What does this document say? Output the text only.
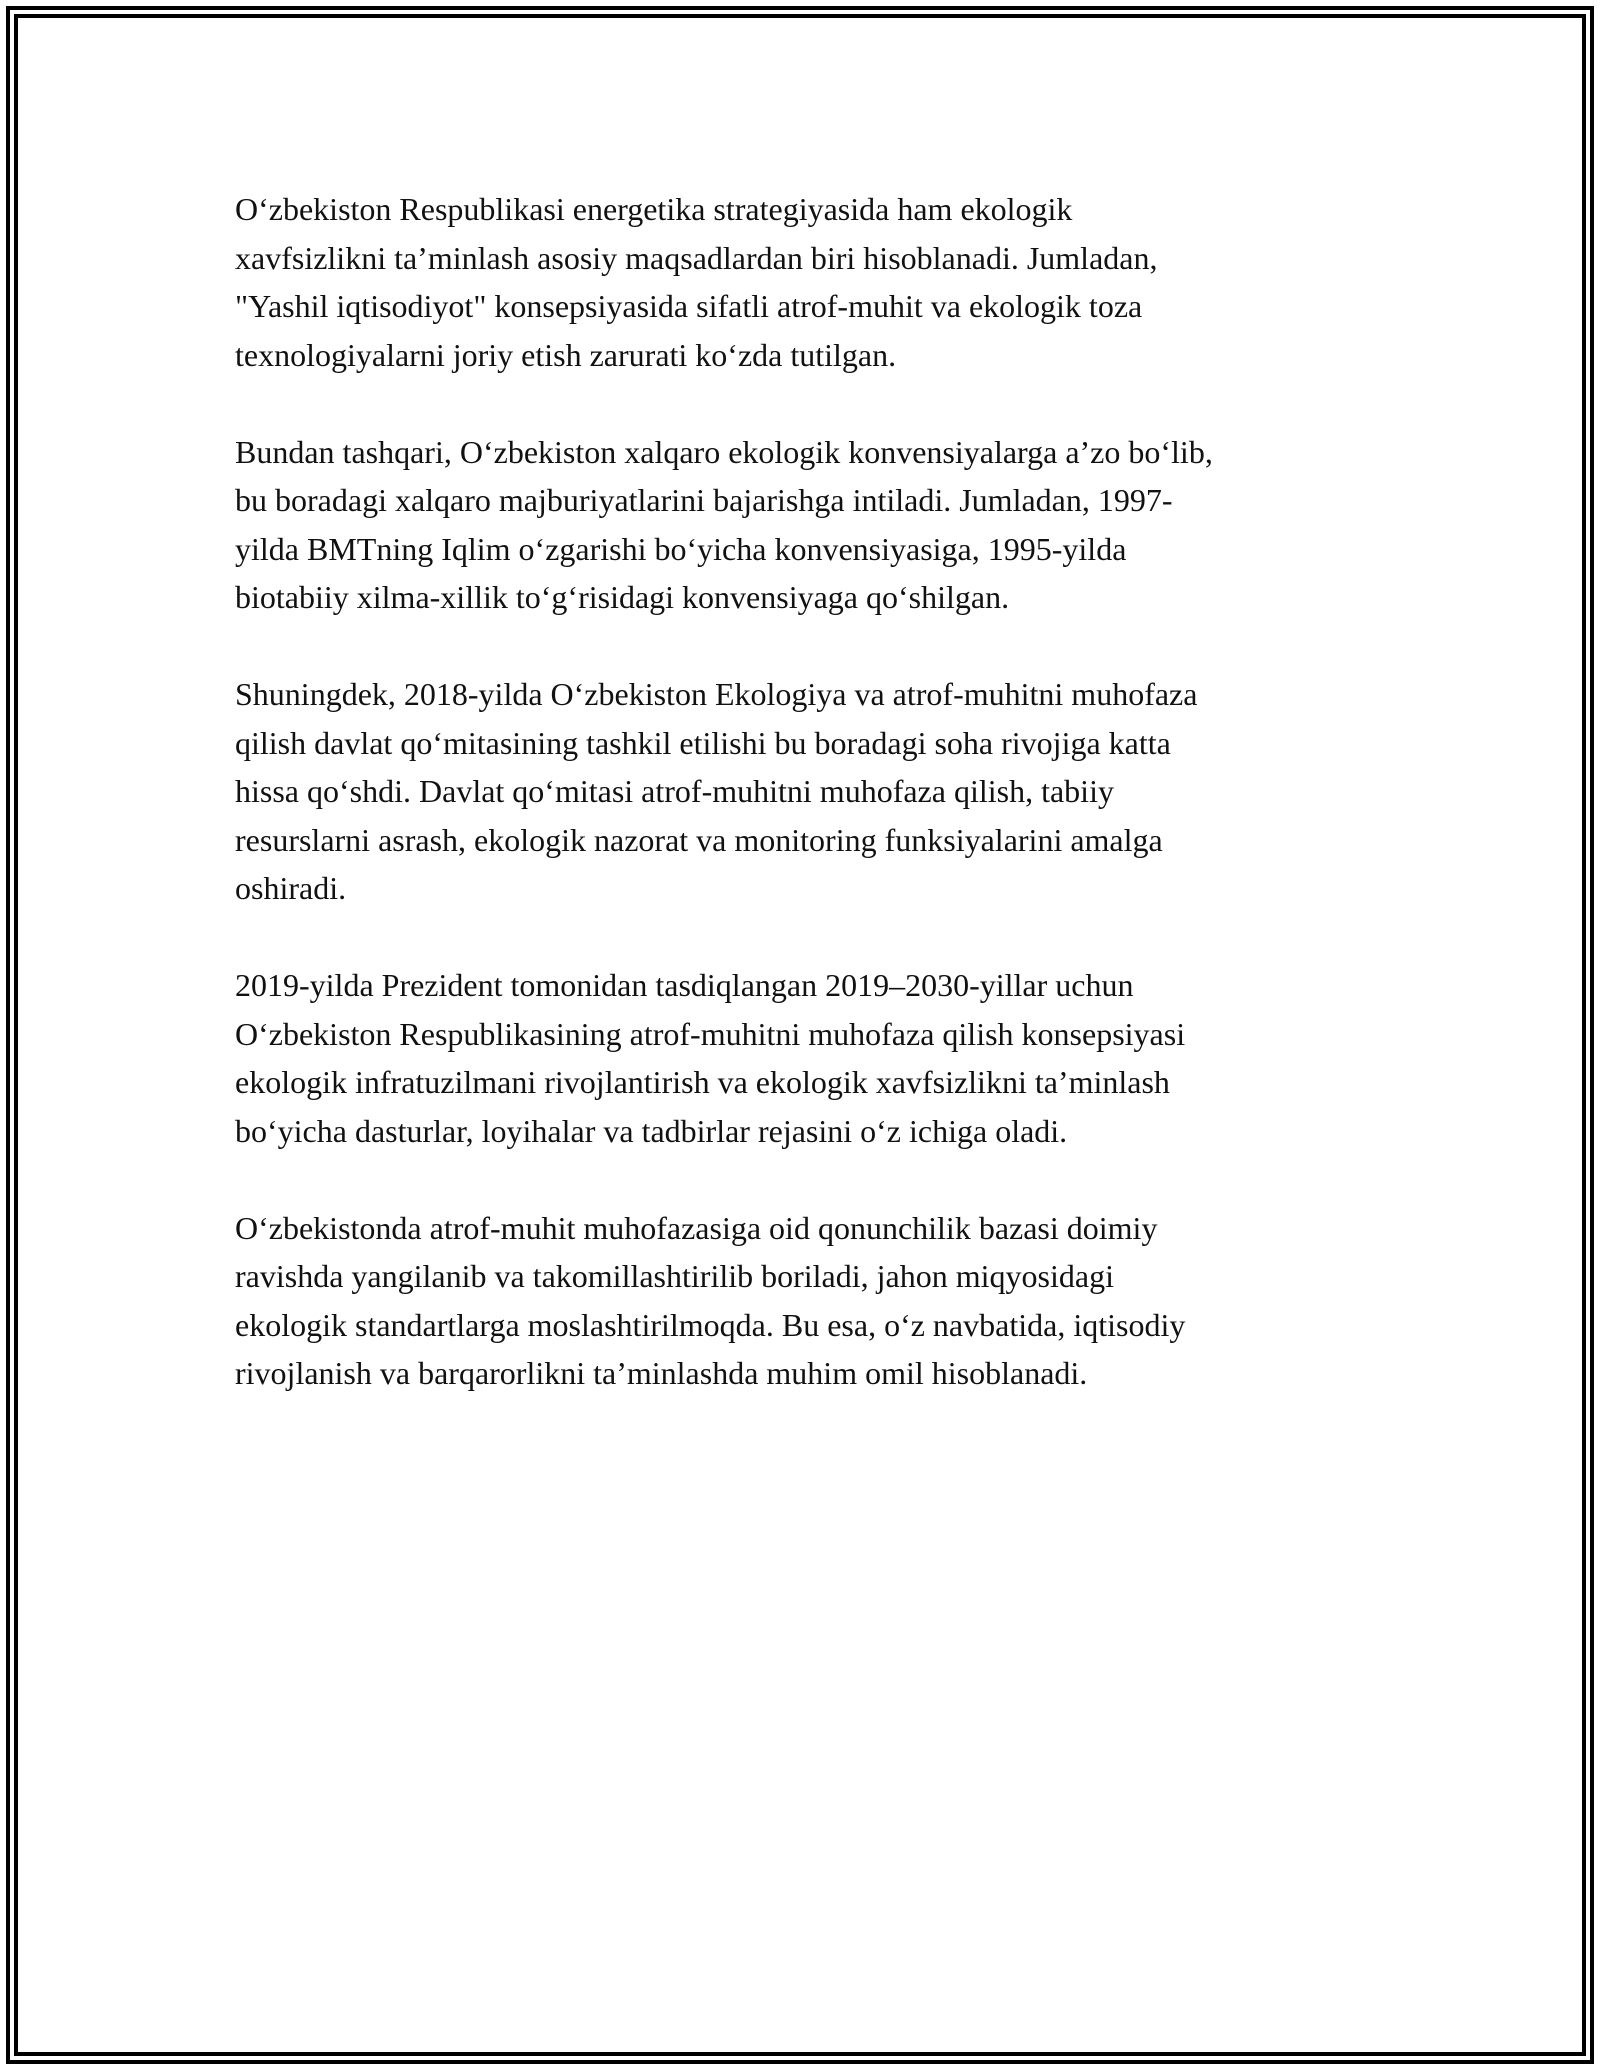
O‘zbekiston Respublikasi energetika strategiyasida ham ekologik
xavfsizlikni ta’minlash asosiy maqsadlardan biri hisoblanadi. Jumladan,
"Yashil iqtisodiyot" konsepsiyasida sifatli atrof-muhit va ekologik toza
texnologiyalarni joriy etish zarurati ko‘zda tutilgan.

Bundan tashqari, O‘zbekiston xalqaro ekologik konvensiyalarga a’zo bo‘lib,
bu boradagi xalqaro majburiyatlarini bajarishga intiladi. Jumladan, 1997-
yilda BMTning Iqlim o‘zgarishi bo‘yicha konvensiyasiga, 1995-yilda
biotabiiy xilma-xillik to‘g‘risidagi konvensiyaga qo‘shilgan.

Shuningdek, 2018-yilda O‘zbekiston Ekologiya va atrof-muhitni muhofaza
qilish davlat qo‘mitasining tashkil etilishi bu boradagi soha rivojiga katta
hissa qo‘shdi. Davlat qo‘mitasi atrof-muhitni muhofaza qilish, tabiiy
resurslarni asrash, ekologik nazorat va monitoring funksiyalarini amalga
oshiradi.

2019-yilda Prezident tomonidan tasdiqlangan 2019–2030-yillar uchun
O‘zbekiston Respublikasining atrof-muhitni muhofaza qilish konsepsiyasi
ekologik infratuzilmani rivojlantirish va ekologik xavfsizlikni ta’minlash
bo‘yicha dasturlar, loyihalar va tadbirlar rejasini o‘z ichiga oladi.

O‘zbekistonda atrof-muhit muhofazasiga oid qonunchilik bazasi doimiy
ravishda yangilanib va takomillashtirilib boriladi, jahon miqyosidagi
ekologik standartlarga moslashtirilmoqda. Bu esa, o‘z navbatida, iqtisodiy
rivojlanish va barqarorlikni ta’minlashda muhim omil hisoblanadi.
